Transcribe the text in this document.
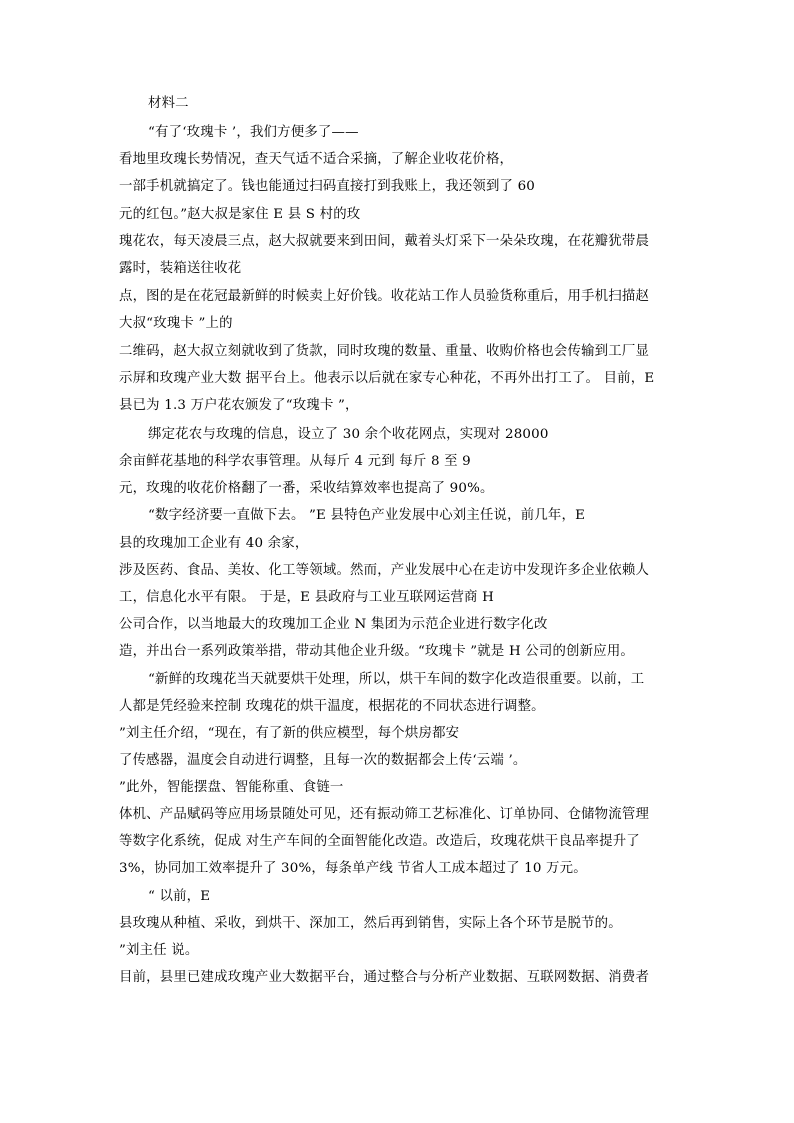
材料二
“有了‘玫瑰卡 ’，我们方便多了——
看地里玫瑰长势情况，查天气适不适合采摘，了解企业收花价格，
一部手机就搞定了。钱也能通过扫码直接打到我账上，我还领到了 60
元的红包。”赵大叔是家住 E 县 S 村的玫
瑰花农，每天凌晨三点，赵大叔就要来到田间，戴着头灯采下一朵朵玫瑰，在花瓣犹带晨
露时，装箱送往收花
点，图的是在花冠最新鲜的时候卖上好价钱。收花站工作人员验货称重后，用手机扫描赵
大叔“玫瑰卡 ”上的
二维码，赵大叔立刻就收到了货款，同时玫瑰的数量、重量、收购价格也会传输到工厂显
示屏和玫瑰产业大数 据平台上。他表示以后就在家专心种花，不再外出打工了。 目前，E
县已为 1.3 万户花农颁发了“玫瑰卡 ”，
绑定花农与玫瑰的信息，设立了 30 余个收花网点，实现对 28000
余亩鲜花基地的科学农事管理。从每斤 4 元到 每斤 8 至 9
元，玫瑰的收花价格翻了一番，采收结算效率也提高了 90%。
“数字经济要一直做下去。 ”E 县特色产业发展中心刘主任说，前几年，E
县的玫瑰加工企业有 40 余家，
涉及医药、食品、美妆、化工等领域。然而，产业发展中心在走访中发现许多企业依赖人
工，信息化水平有限。 于是，E 县政府与工业互联网运营商 H
公司合作，以当地最大的玫瑰加工企业 N 集团为示范企业进行数字化改
造，并出台一系列政策举措，带动其他企业升级。“玫瑰卡 ”就是 H 公司的创新应用。
“新鲜的玫瑰花当天就要烘干处理，所以，烘干车间的数字化改造很重要。以前，工
人都是凭经验来控制 玫瑰花的烘干温度，根据花的不同状态进行调整。
”刘主任介绍，“现在，有了新的供应模型，每个烘房都安
了传感器，温度会自动进行调整，且每一次的数据都会上传‘云端 ’。
”此外，智能摆盘、智能称重、食链一
体机、产品赋码等应用场景随处可见，还有振动筛工艺标准化、订单协同、仓储物流管理
等数字化系统，促成 对生产车间的全面智能化改造。改造后，玫瑰花烘干良品率提升了
3%，协同加工效率提升了 30%，每条单产线 节省人工成本超过了 10 万元。
“ 以前，E
县玫瑰从种植、采收，到烘干、深加工，然后再到销售，实际上各个环节是脱节的。
”刘主任 说。
目前，县里已建成玫瑰产业大数据平台，通过整合与分析产业数据、互联网数据、消费者
